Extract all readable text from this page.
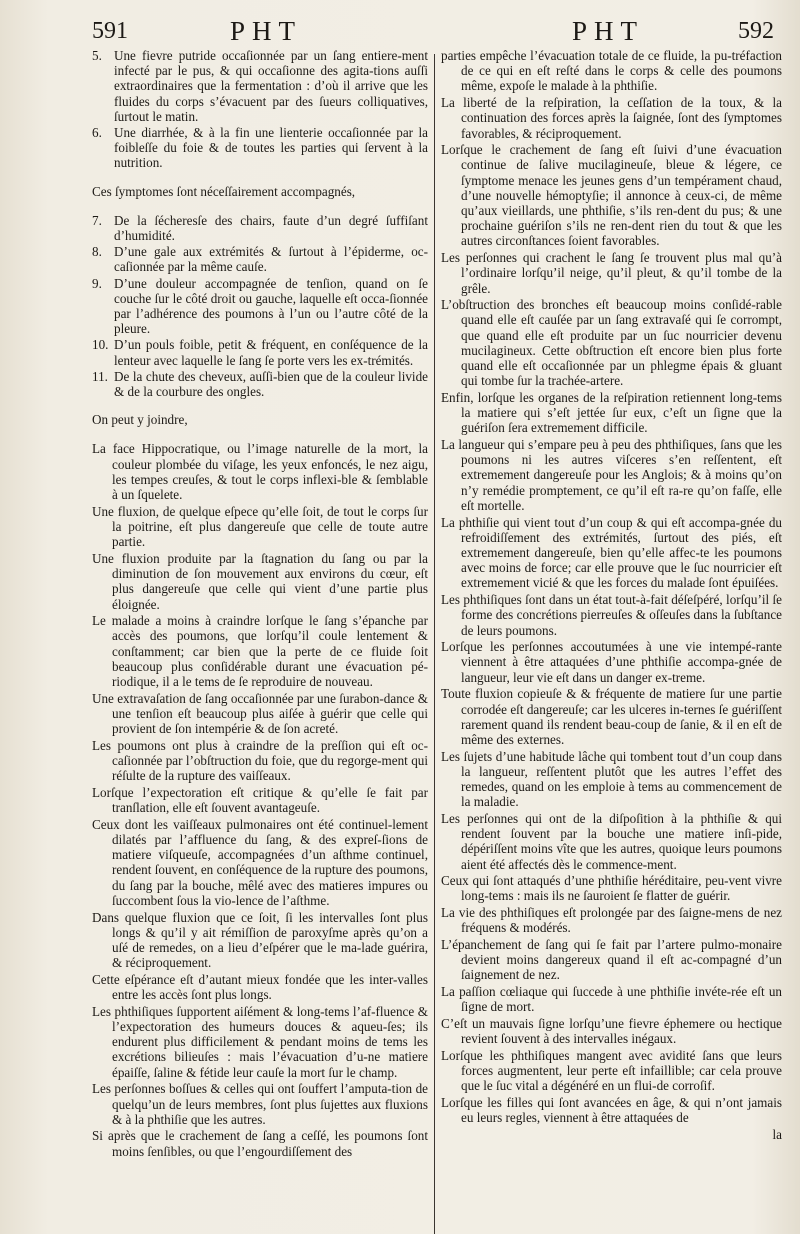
591	PHT	PHT	592

5. Une fievre putride occaſionnée par un ſang entiere-ment infecté par le pus, & qui occaſionne des agita-tions auſſi extraordinaires que la fermentation : d’où il arrive que les fluides du corps s’évacuent par des ſueurs colliquatives, ſurtout le matin.

6. Une diarrhée, & à la fin une lienterie occaſionnée par la foibleſſe du foie & de toutes les parties qui ſervent à la nutrition.

Ces ſymptomes ſont néceſſairement accompagnés,

7. De la ſécheresſe des chairs, faute d’un degré ſuffiſant d’humidité.

8. D’une gale aux extrémités & ſurtout à l’épiderme, oc-caſionnée par la même cauſe.

9. D’une douleur accompagnée de tenſion, quand on ſe couche ſur le côté droit ou gauche, laquelle eſt occa-ſionnée par l’adhérence des poumons à l’un ou l’autre côté de la pleure.

10. D’un pouls foible, petit & fréquent, en conſéquence de la lenteur avec laquelle le ſang ſe porte vers les ex-trémités.

11. De la chute des cheveux, auſſi-bien que de la couleur livide & de la courbure des ongles.

On peut y joindre,

La face Hippocratique, ou l’image naturelle de la mort, la couleur plombée du viſage, les yeux enfoncés, le nez aigu, les tempes creuſes, & tout le corps inflexi-ble & ſemblable à un ſquelete.

Une fluxion, de quelque eſpece qu’elle ſoit, de tout le corps ſur la poitrine, eſt plus dangereuſe que celle de toute autre partie.

Une fluxion produite par la ſtagnation du ſang ou par la diminution de ſon mouvement aux environs du cœur, eſt plus dangereuſe que celle qui vient d’une partie plus éloignée.

Le malade a moins à craindre lorſque le ſang s’épanche par accès des poumons, que lorſqu’il coule lentement & conſtamment; car bien que la perte de ce fluide ſoit beaucoup plus conſidérable durant une évacuation pé-riodique, il a le tems de ſe reproduire de nouveau.

Une extravaſation de ſang occaſionnée par une ſurabon-dance & une tenſion eſt beaucoup plus aiſée à guérir que celle qui provient de ſon intempérie & de ſon acreté.

Les poumons ont plus à craindre de la preſſion qui eſt oc-caſionnée par l’obſtruction du foie, que du regorge-ment qui réſulte de la rupture des vaiſſeaux.

Lorſque l’expectoration eſt critique & qu’elle ſe fait par tranſlation, elle eſt ſouvent avantageuſe.

Ceux dont les vaiſſeaux pulmonaires ont été continuel-lement dilatés par l’affluence du ſang, & des expreſ-ſions de matiere viſqueuſe, accompagnées d’un aſthme continuel, rendent ſouvent, en conſéquence de la rupture des poumons, du ſang par la bouche, mêlé avec des matieres impures ou ſuccombent ſous la vio-lence de l’aſthme.

Dans quelque fluxion que ce ſoit, ſi les intervalles ſont plus longs & qu’il y ait rémiſſion de paroxyſme après qu’on a uſé de remedes, on a lieu d’eſpérer que le ma-lade guérira, & réciproquement.

Cette eſpérance eſt d’autant mieux fondée que les inter-valles entre les accès ſont plus longs.

Les phthiſiques ſupportent aiſément & long-tems l’af-fluence & l’expectoration des humeurs douces & aqueu-ſes; ils endurent plus difficilement & pendant moins de tems les excrétions bilieuſes : mais l’évacuation d’u-ne matiere épaiſſe, ſaline & fétide leur cauſe la mort ſur le champ.

Les perſonnes boſſues & celles qui ont ſouffert l’amputa-tion de quelqu’un de leurs membres, ſont plus ſujettes aux fluxions & à la phthiſie que les autres.

Si après que le crachement de ſang a ceſſé, les poumons ſont moins ſenſibles, ou que l’engourdiſſement des

parties empêche l’évacuation totale de ce fluide, la pu-tréfaction de ce qui en eſt reſté dans le corps & celle des poumons même, expoſe le malade à la phthiſie.

La liberté de la reſpiration, la ceſſation de la toux, & la continuation des forces après la ſaignée, ſont des ſymptomes favorables, & réciproquement.

Lorſque le crachement de ſang eſt ſuivi d’une évacuation continue de ſalive mucilagineuſe, bleue & légere, ce ſymptome menace les jeunes gens d’un tempérament chaud, d’une nouvelle hémoptyſie; il annonce à ceux-ci, de même qu’aux vieillards, une phthiſie, s’ils ren-dent du pus; & une prochaine guériſon s’ils ne ren-dent rien du tout & que les autres circonſtances ſoient favorables.

Les perſonnes qui crachent le ſang ſe trouvent plus mal qu’à l’ordinaire lorſqu’il neige, qu’il pleut, & qu’il tombe de la grêle.

L’obſtruction des bronches eſt beaucoup moins conſidé-rable quand elle eſt cauſée par un ſang extravaſé qui ſe corrompt, que quand elle eſt produite par un ſuc nourricier devenu mucilagineux. Cette obſtruction eſt encore bien plus forte quand elle eſt occaſionnée par un phlegme épais & gluant qui tombe ſur la trachée-artere.

Enfin, lorſque les organes de la reſpiration retiennent long-tems la matiere qui s’eſt jettée ſur eux, c’eſt un ſigne que la guériſon ſera extremement difficile.

La langueur qui s’empare peu à peu des phthiſiques, ſans que les poumons ni les autres viſceres s’en reſſentent, eſt extremement dangereuſe pour les Anglois; & à moins qu’on n’y remédie promptement, ce qu’il eſt ra-re qu’on faſſe, elle eſt mortelle.

La phthiſie qui vient tout d’un coup & qui eſt accompa-gnée du refroidiſſement des extrémités, ſurtout des piés, eſt extremement dangereuſe, bien qu’elle affec-te les poumons avec moins de force; car elle prouve que le ſuc nourricier eſt extremement vicié & que les forces du malade ſont épuiſées.

Les phthiſiques ſont dans un état tout-à-fait déſeſpéré, lorſqu’il ſe forme des concrétions pierreuſes & oſſeuſes dans la ſubſtance de leurs poumons.

Lorſque les perſonnes accoutumées à une vie intempé-rante viennent à être attaquées d’une phthiſie accompa-gnée de langueur, leur vie eſt dans un danger ex-treme.

Toute fluxion copieuſe & & fréquente de matiere ſur une partie corrodée eſt dangereuſe; car les ulceres in-ternes ſe guériſſent rarement quand ils rendent beau-coup de ſanie, & il en eſt de même des externes.

Les ſujets d’une habitude lâche qui tombent tout d’un coup dans la langueur, reſſentent plutôt que les autres l’effet des remedes, quand on les emploie à tems au commencement de la maladie.

Les perſonnes qui ont de la diſpoſition à la phthiſie & qui rendent ſouvent par la bouche une matiere inſi-pide, dépériſſent moins vîte que les autres, quoique leurs poumons aient été affectés dès le commence-ment.

Ceux qui ſont attaqués d’une phthiſie héréditaire, peu-vent vivre long-tems : mais ils ne ſauroient ſe flatter de guérir.

La vie des phthiſiques eſt prolongée par des ſaigne-mens de nez fréquens & modérés.

L’épanchement de ſang qui ſe fait par l’artere pulmo-monaire devient moins dangereux quand il eſt ac-compagné d’un ſaignement de nez.

La paſſion cœliaque qui ſuccede à une phthiſie invéte-rée eſt un ſigne de mort.

C’eſt un mauvais ſigne lorſqu’une fievre éphemere ou hectique revient ſouvent à des intervalles inégaux.

Lorſque les phthiſiques mangent avec avidité ſans que leurs forces augmentent, leur perte eſt infaillible; car cela prouve que le ſuc vital a dégénéré en un flui-de corroſif.

Lorſque les filles qui ſont avancées en âge, & qui n’ont jamais eu leurs regles, viennent à être attaquées de

la
